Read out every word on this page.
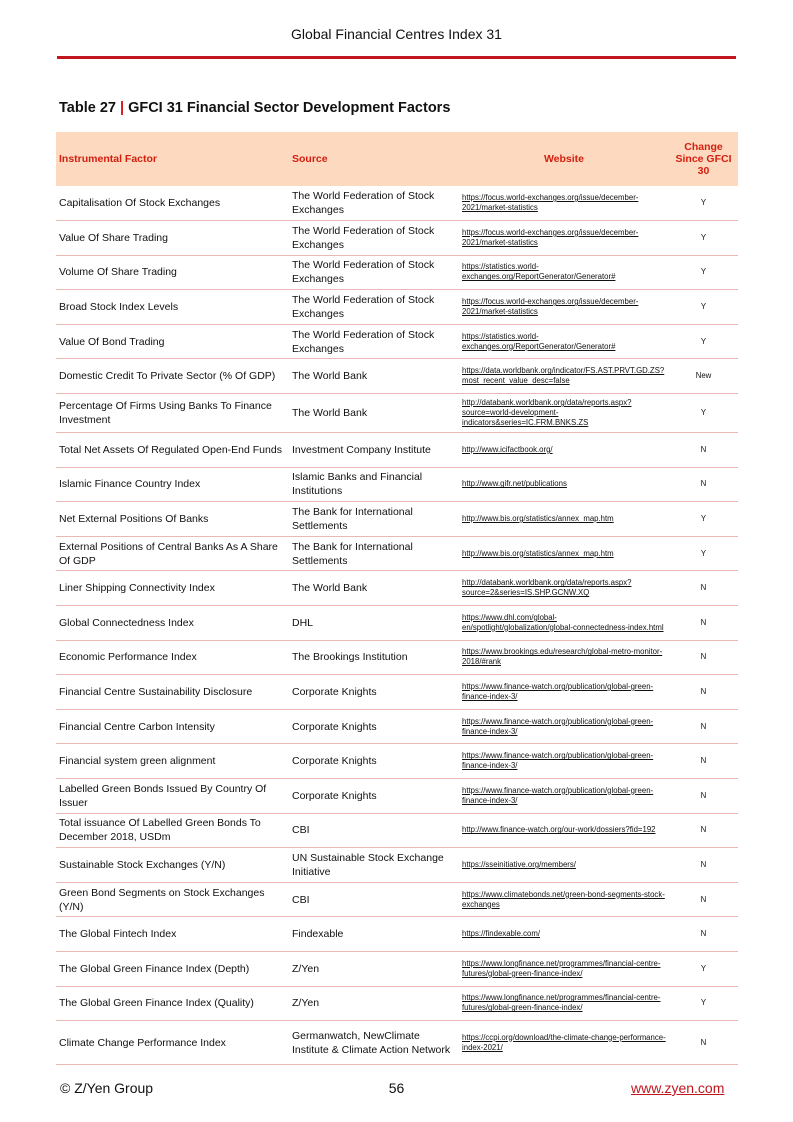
Global Financial Centres Index 31
Table 27 | GFCI 31 Financial Sector Development Factors
Instrumental Factor	Source	Website	Change Since GFCI 30
Capitalisation Of Stock Exchanges	The World Federation of Stock Exchanges	https://focus.world-exchanges.org/issue/december-2021/market-statistics	Y
Value Of Share Trading	The World Federation of Stock Exchanges	https://focus.world-exchanges.org/issue/december-2021/market-statistics	Y
Volume Of Share Trading	The World Federation of Stock Exchanges	https://statistics.world-exchanges.org/ReportGenerator/Generator#	Y
Broad Stock Index Levels	The World Federation of Stock Exchanges	https://focus.world-exchanges.org/issue/december-2021/market-statistics	Y
Value Of Bond Trading	The World Federation of Stock Exchanges	https://statistics.world-exchanges.org/ReportGenerator/Generator#	Y
Domestic Credit To Private Sector (% Of GDP)	The World Bank	https://data.worldbank.org/indicator/FS.AST.PRVT.GD.ZS?most_recent_value_desc=false	New
Percentage Of Firms Using Banks To Finance Investment	The World Bank	http://databank.worldbank.org/data/reports.aspx?source=world-development-indicators&series=IC.FRM.BNKS.ZS	Y
Total Net Assets Of Regulated Open-End Funds	Investment Company Institute	http://www.icifactbook.org/	N
Islamic Finance Country Index	Islamic Banks and Financial Institutions	http://www.gifr.net/publications	N
Net External Positions Of Banks	The Bank for International Settlements	http://www.bis.org/statistics/annex_map.htm	Y
External Positions of Central Banks As A Share Of GDP	The Bank for International Settlements	http://www.bis.org/statistics/annex_map.htm	Y
Liner Shipping Connectivity Index	The World Bank	http://databank.worldbank.org/data/reports.aspx?source=2&series=IS.SHP.GCNW.XQ	N
Global Connectedness Index	DHL	https://www.dhl.com/global-en/spotlight/globalization/global-connectedness-index.html	N
Economic Performance Index	The Brookings Institution	https://www.brookings.edu/research/global-metro-monitor-2018/#rank	N
Financial Centre Sustainability Disclosure	Corporate Knights	https://www.finance-watch.org/publication/global-green-finance-index-3/	N
Financial Centre Carbon Intensity	Corporate Knights	https://www.finance-watch.org/publication/global-green-finance-index-3/	N
Financial system green alignment	Corporate Knights	https://www.finance-watch.org/publication/global-green-finance-index-3/	N
Labelled Green Bonds Issued By Country Of Issuer	Corporate Knights	https://www.finance-watch.org/publication/global-green-finance-index-3/	N
Total issuance Of Labelled Green Bonds To December 2018, USDm	CBI	http://www.finance-watch.org/our-work/dossiers?fid=192	N
Sustainable Stock Exchanges (Y/N)	UN Sustainable Stock Exchange Initiative	https://sseinitiative.org/members/	N
Green Bond Segments on Stock Exchanges (Y/N)	CBI	https://www.climatebonds.net/green-bond-segments-stock-exchanges	N
The Global Fintech Index	Findexable	https://findexable.com/	N
The Global Green Finance Index (Depth)	Z/Yen	https://www.longfinance.net/programmes/financial-centre-futures/global-green-finance-index/	Y
The Global Green Finance Index (Quality)	Z/Yen	https://www.longfinance.net/programmes/financial-centre-futures/global-green-finance-index/	Y
Climate Change Performance Index	Germanwatch, NewClimate Institute & Climate Action Network	https://ccpi.org/download/the-climate-change-performance-index-2021/	N
© Z/Yen Group	56	www.zyen.com
